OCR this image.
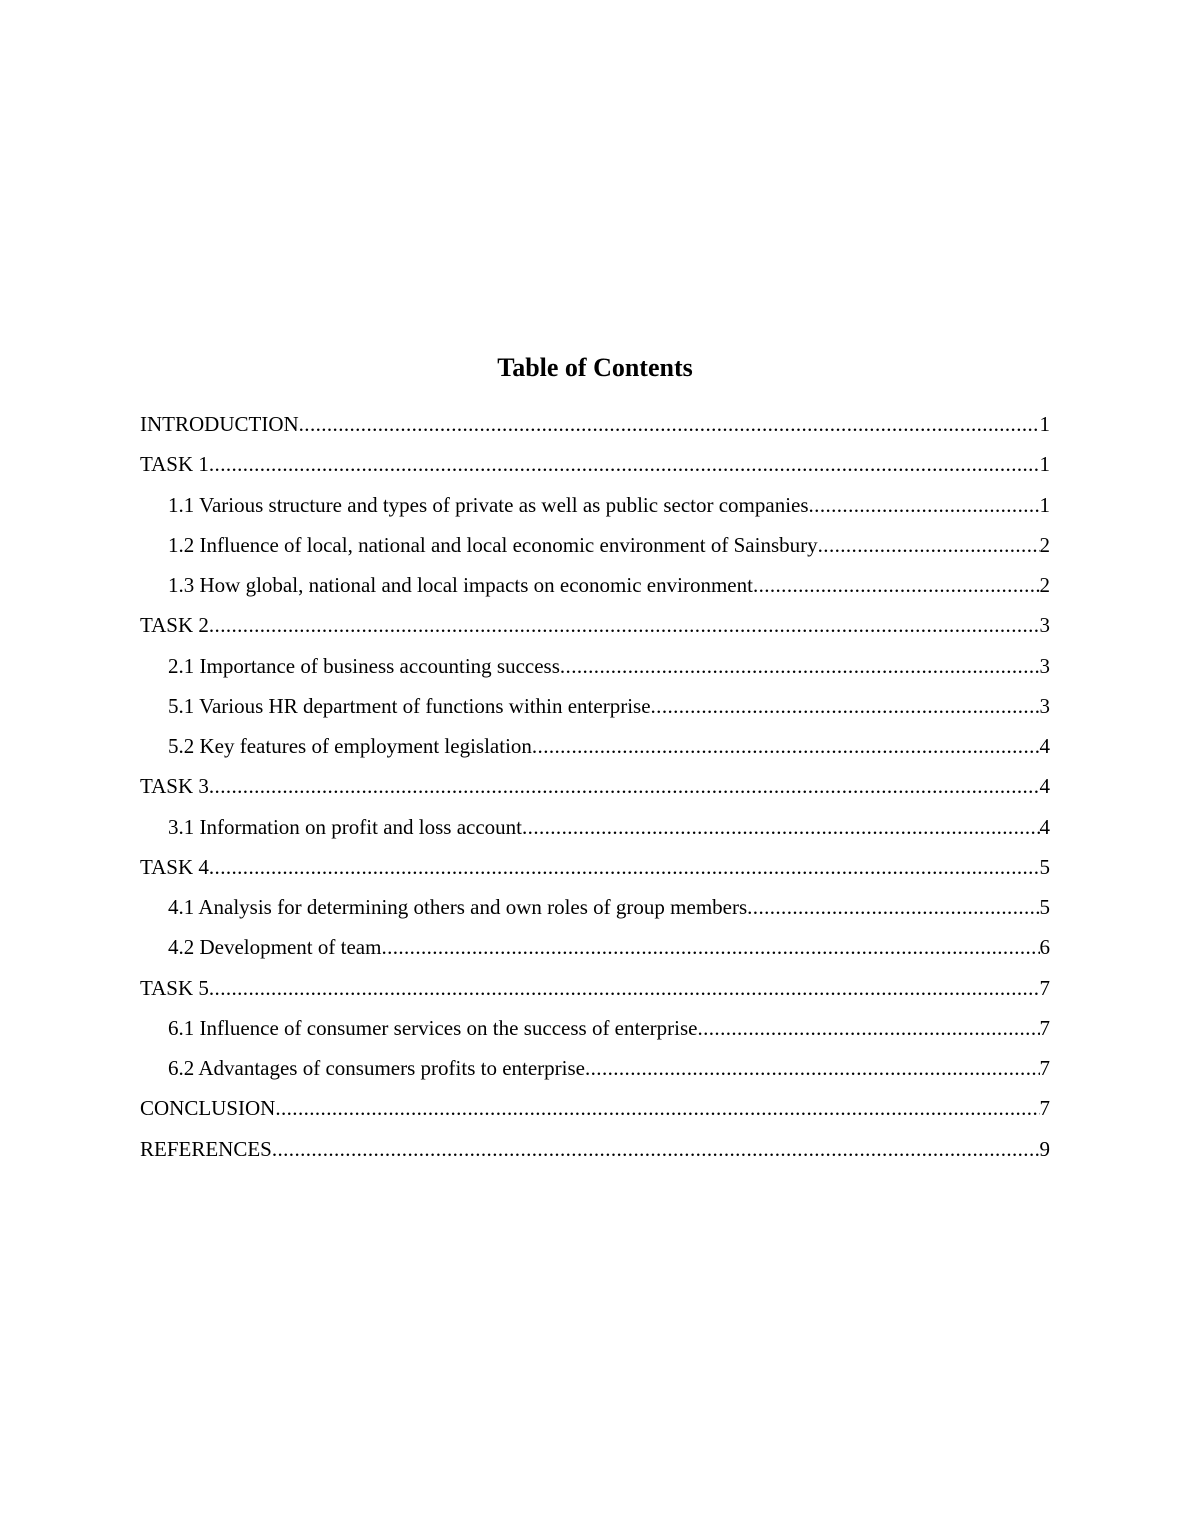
Table of Contents
INTRODUCTION .....	1
TASK 1 .....	1
1.1 Various structure and types of private as well as public sector companies .....	1
1.2 Influence of local, national and local economic environment of Sainsbury .....	2
1.3 How global, national and local impacts on economic environment .....	2
TASK 2 .....	3
2.1 Importance of business accounting success .....	3
5.1 Various HR department of functions within enterprise .....	3
5.2 Key features of employment legislation .....	4
TASK 3 .....	4
3.1 Information on profit and loss account .....	4
TASK 4 .....	5
4.1 Analysis for determining others and own roles of group members .....	5
4.2 Development of team .....	6
TASK 5 .....	7
6.1 Influence of consumer services on the success of enterprise .....	7
6.2 Advantages of consumers profits to enterprise .....	7
CONCLUSION .....	7
REFERENCES .....	9
